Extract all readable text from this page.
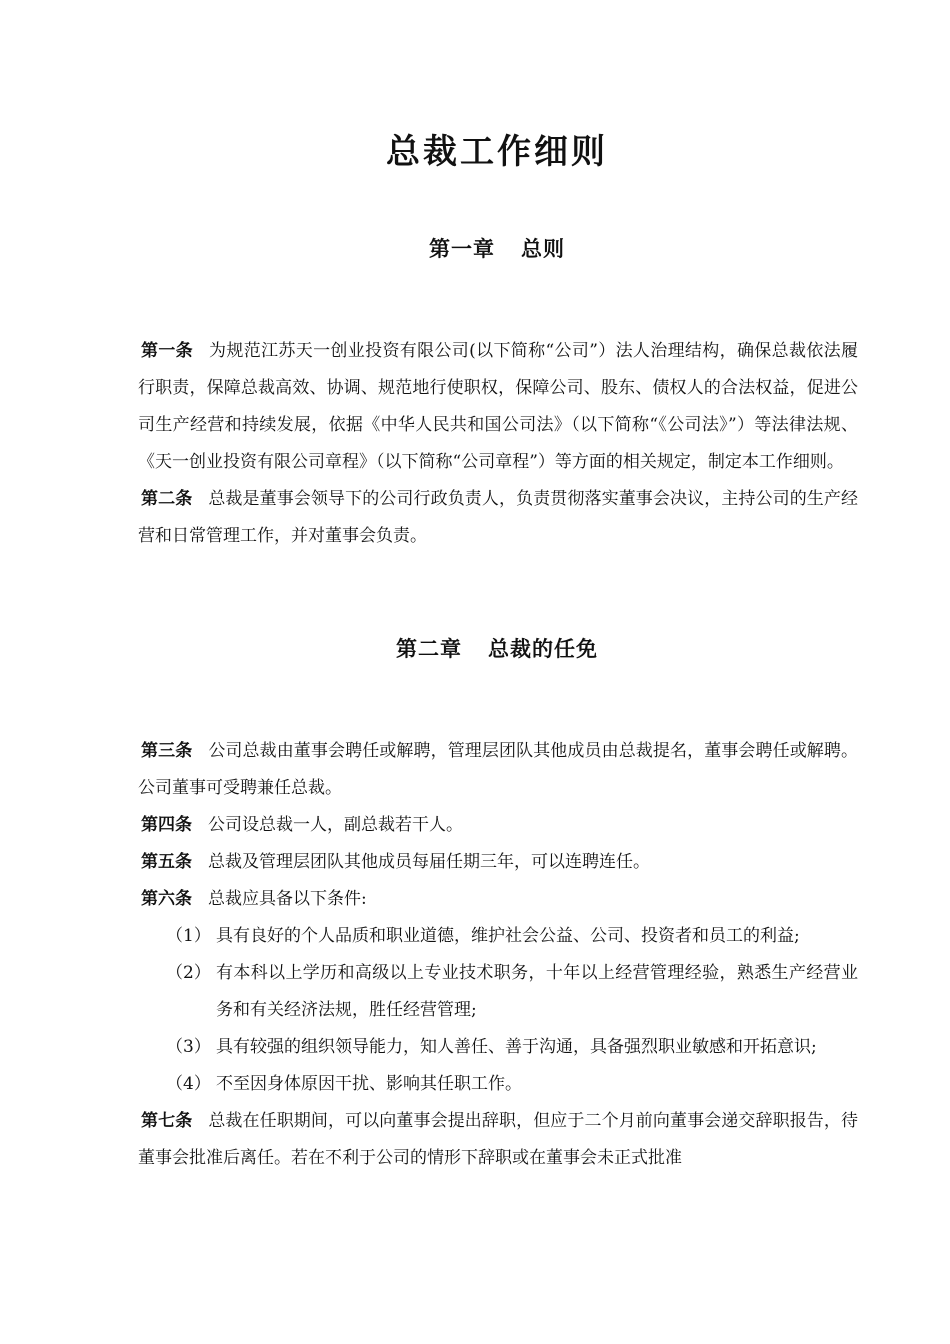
总裁工作细则
第一章 总则

第一条 为规范江苏天一创业投资有限公司(以下简称“公司”）法人治理结构，确保总裁依法履行职责，保障总裁高效、协调、规范地行使职权，保障公司、股东、债权人的合法权益，促进公司生产经营和持续发展，依据《中华人民共和国公司法》（以下简称“《公司法》”）等法律法规、《天一创业投资有限公司章程》（以下简称“公司章程”）等方面的相关规定，制定本工作细则。

第二条 总裁是董事会领导下的公司行政负责人，负责贯彻落实董事会决议，主持公司的生产经营和日常管理工作，并对董事会负责。

第二章 总裁的任免

第三条 公司总裁由董事会聘任或解聘，管理层团队其他成员由总裁提名，董事会聘任或解聘。公司董事可受聘兼任总裁。

第四条 公司设总裁一人，副总裁若干人。

第五条 总裁及管理层团队其他成员每届任期三年，可以连聘连任。

第六条 总裁应具备以下条件:

（1） 具有良好的个人品质和职业道德，维护社会公益、公司、投资者和员工的利益;
（2） 有本科以上学历和高级以上专业技术职务，十年以上经营管理经验，熟悉生产经营业务和有关经济法规，胜任经营管理;
（3） 具有较强的组织领导能力，知人善任、善于沟通，具备强烈职业敏感和开拓意识;
（4） 不至因身体原因干扰、影响其任职工作。

第七条 总裁在任职期间，可以向董事会提出辞职，但应于二个月前向董事会递交辞职报告，待董事会批准后离任。若在不利于公司的情形下辞职或在董事会未正式批准
